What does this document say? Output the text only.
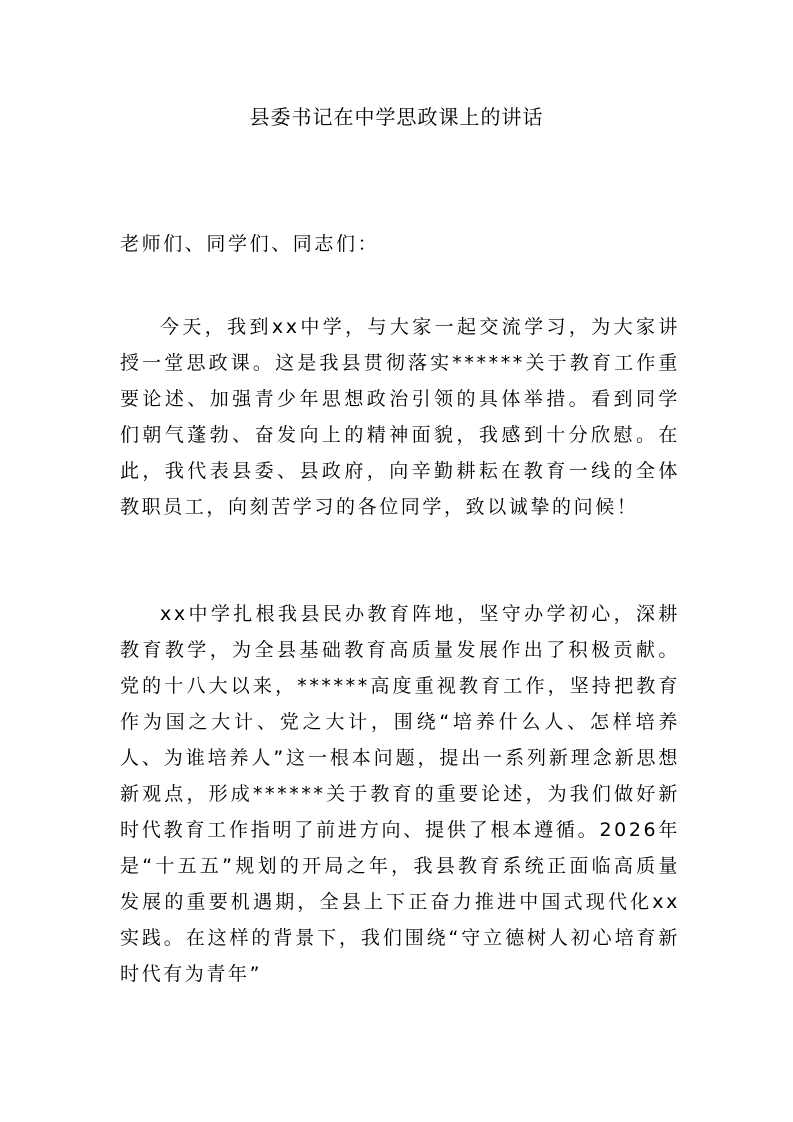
县委书记在中学思政课上的讲话

老师们、同学们、同志们：

今天，我到xx中学，与大家一起交流学习，为大家讲授一堂思政课。这是我县贯彻落实******关于教育工作重要论述、加强青少年思想政治引领的具体举措。看到同学们朝气蓬勃、奋发向上的精神面貌，我感到十分欣慰。在此，我代表县委、县政府，向辛勤耕耘在教育一线的全体教职员工，向刻苦学习的各位同学，致以诚挚的问候！

xx中学扎根我县民办教育阵地，坚守办学初心，深耕教育教学，为全县基础教育高质量发展作出了积极贡献。党的十八大以来，******高度重视教育工作，坚持把教育作为国之大计、党之大计，围绕“培养什么人、怎样培养人、为谁培养人”这一根本问题，提出一系列新理念新思想新观点，形成******关于教育的重要论述，为我们做好新时代教育工作指明了前进方向、提供了根本遵循。2026年是“十五五”规划的开局之年，我县教育系统正面临高质量发展的重要机遇期，全县上下正奋力推进中国式现代化xx实践。在这样的背景下，我们围绕“守立德树人初心培育新时代有为青年”
